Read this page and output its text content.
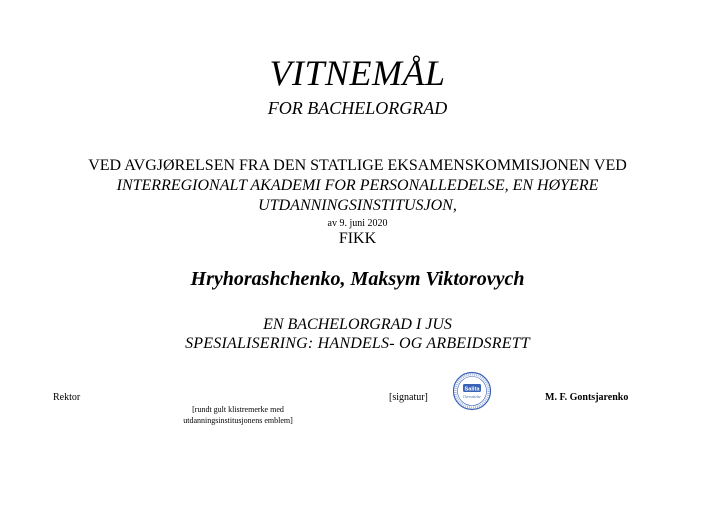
VITNEMÅL
FOR BACHELORGRAD
VED AVGJØRELSEN FRA DEN STATLIGE EKSAMENSKOMMISJONEN VED
INTERREGIONALT AKADEMI FOR PERSONALLEDELSE, EN HØYERE
UTDANNINGSINSTITUSJON,
av 9. juni 2020
FIKK
Hryhorashchenko, Maksym Viktorovych
EN BACHELORGRAD I JUS
SPESIALISERING: HANDELS- OG ARBEIDSRETT
Rektor
[rundt gult klistremerke med
utdanningsinstitusjonens emblem]
[signatur]
Salita
Oversettelse	M. F. Gontsjarenko
